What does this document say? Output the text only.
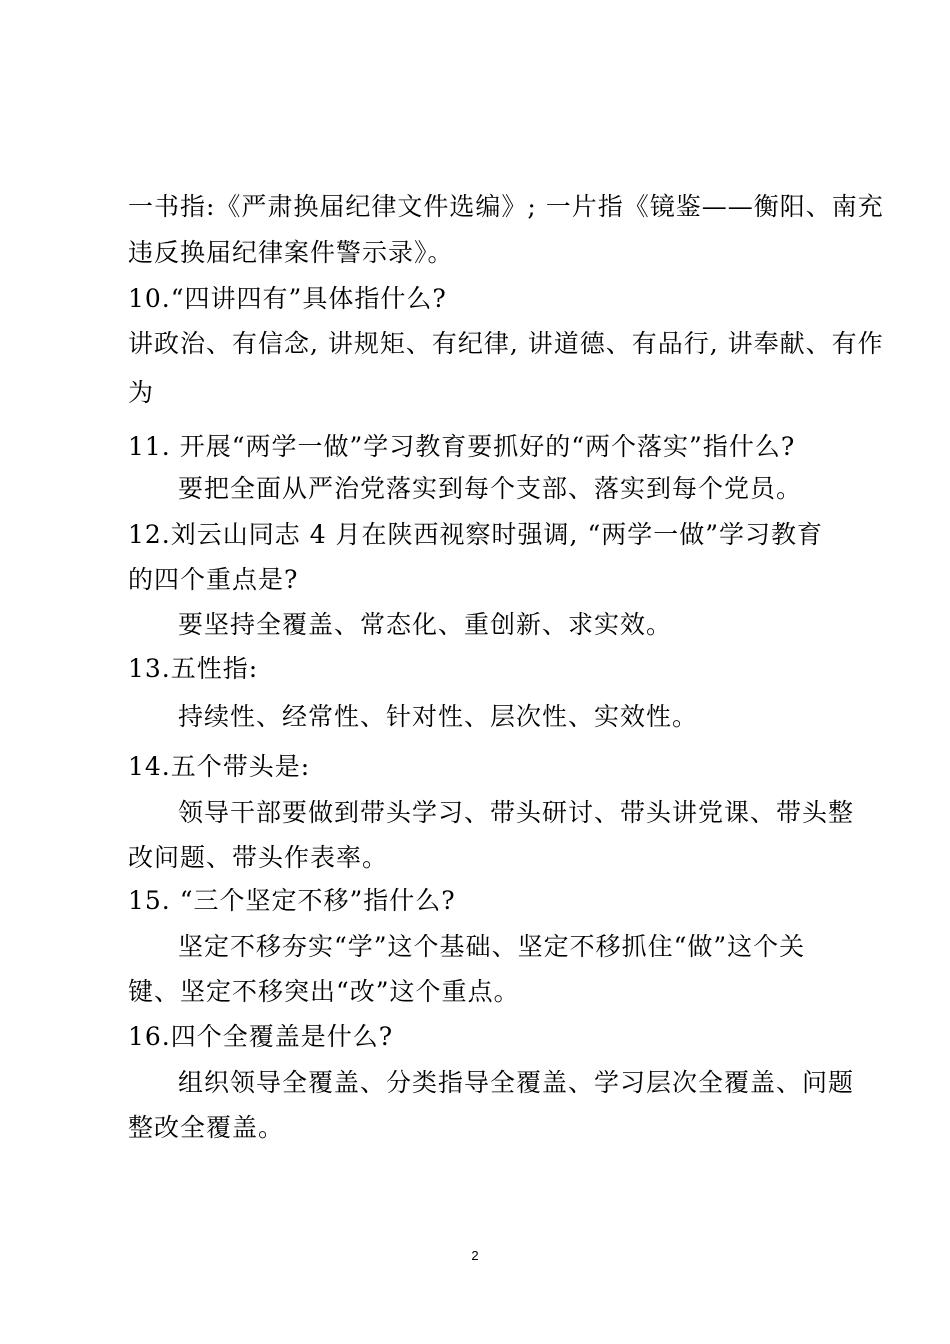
一书指:《严肃换届纪律文件选编》; 一片指《镜鉴——衡阳、南充
违反换届纪律案件警示录》。
10.“四讲四有”具体指什么?
讲政治、有信念, 讲规矩、有纪律, 讲道德、有品行, 讲奉献、有作
为
11. 开展“两学一做”学习教育要抓好的“两个落实”指什么?
要把全面从严治党落实到每个支部、落实到每个党员。
12.刘云山同志 4 月在陕西视察时强调, “两学一做”学习教育
的四个重点是?
要坚持全覆盖、常态化、重创新、求实效。
13.五性指:
持续性、经常性、针对性、层次性、实效性。
14.五个带头是:
领导干部要做到带头学习、带头研讨、带头讲党课、带头整
改问题、带头作表率。
15. “三个坚定不移”指什么?
坚定不移夯实“学”这个基础、坚定不移抓住“做”这个关
键、坚定不移突出“改”这个重点。
16.四个全覆盖是什么?
组织领导全覆盖、分类指导全覆盖、学习层次全覆盖、问题
整改全覆盖。
2
